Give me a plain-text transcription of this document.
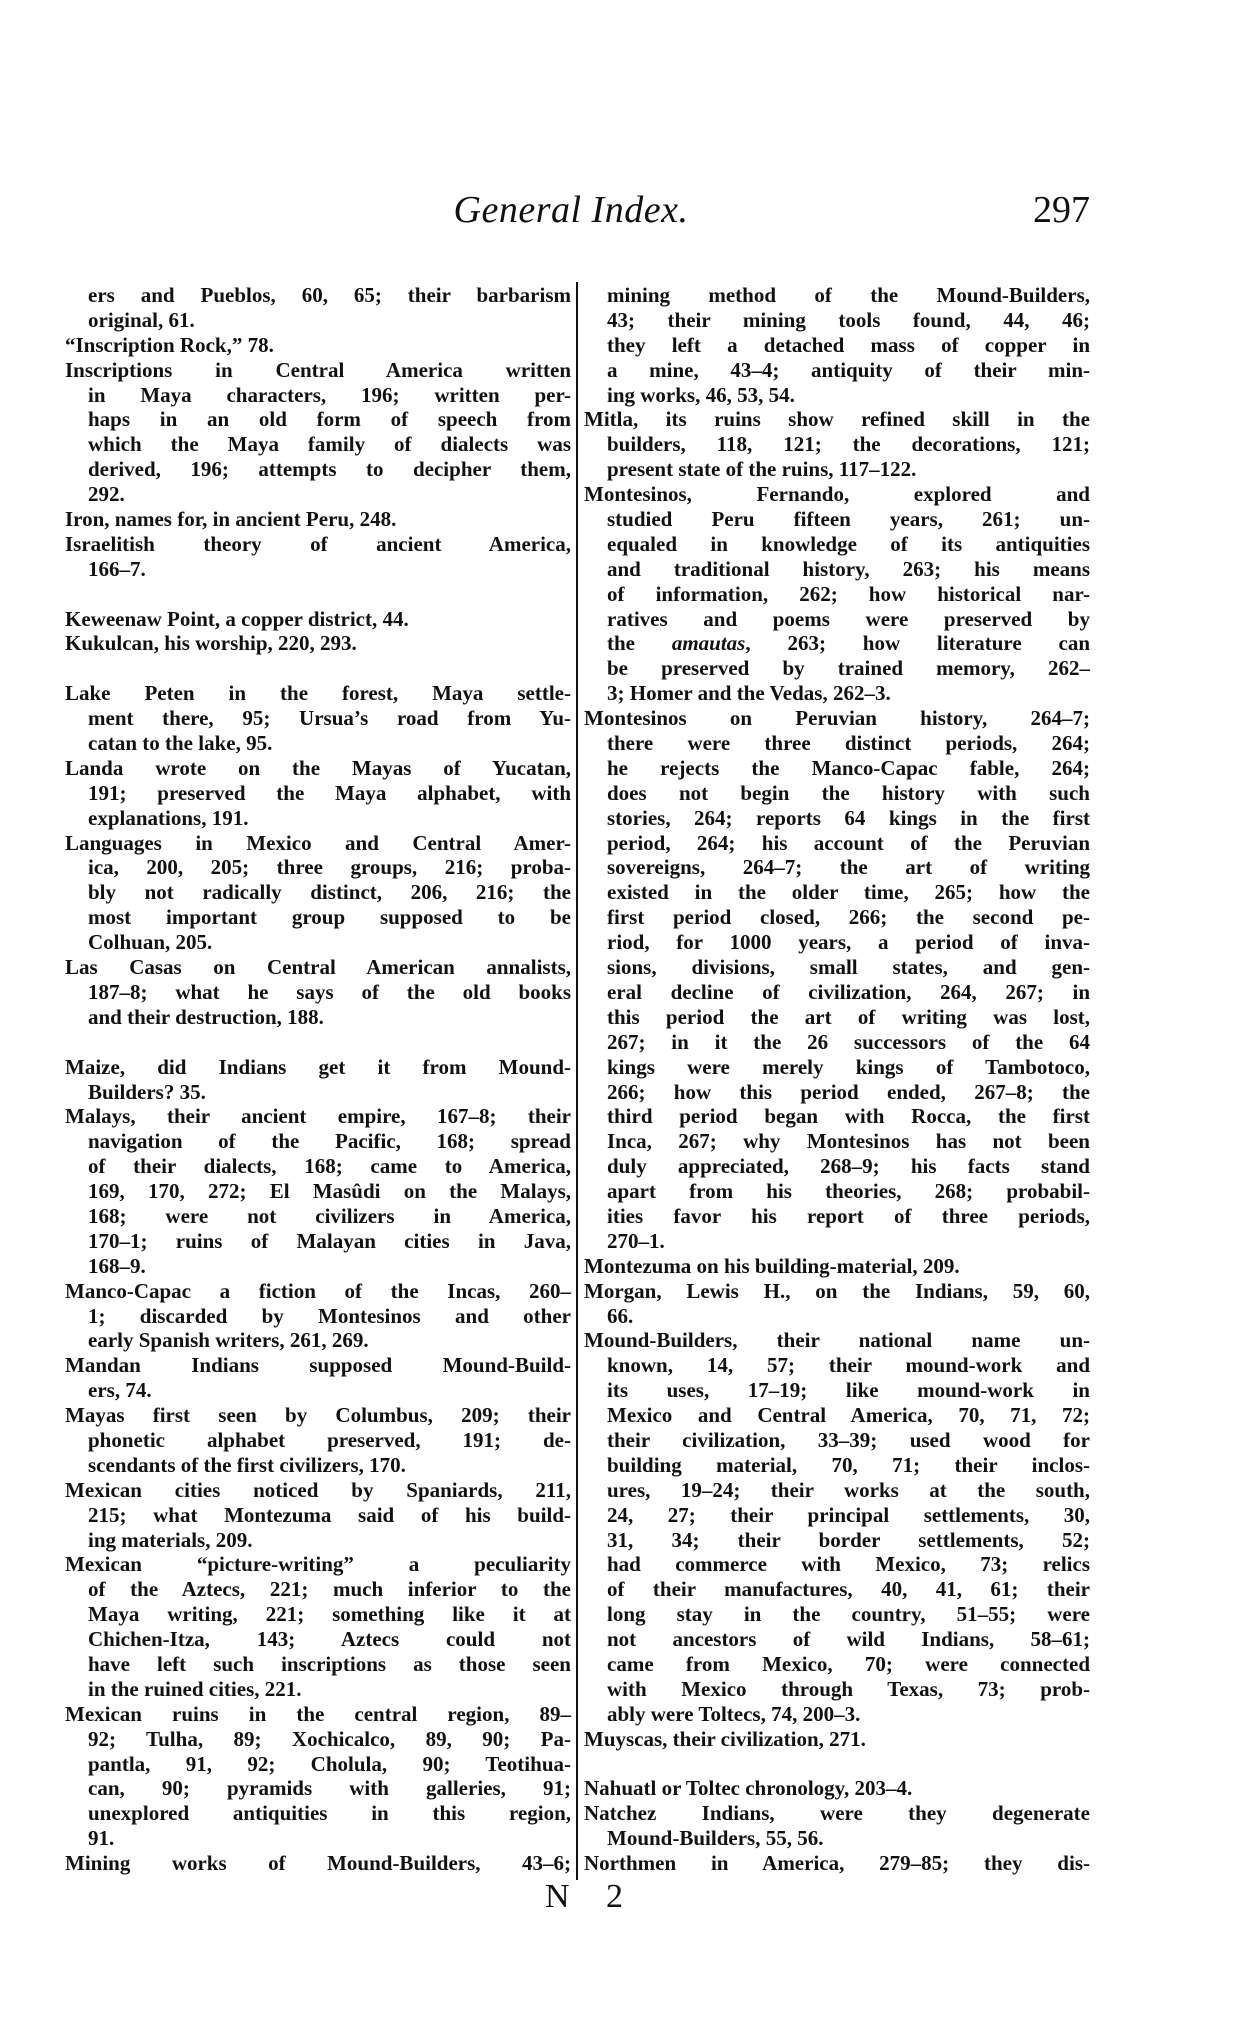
General Index.	297
ers and Pueblos, 60, 65; their barbarism
original, 61.
“Inscription Rock,” 78.
Inscriptions in Central America written
in Maya characters, 196; written per-
haps in an old form of speech from
which the Maya family of dialects was
derived, 196; attempts to decipher them,
292.
Iron, names for, in ancient Peru, 248.
Israelitish theory of ancient America,
166–7.
Keweenaw Point, a copper district, 44.
Kukulcan, his worship, 220, 293.
Lake Peten in the forest, Maya settle-
ment there, 95; Ursua’s road from Yu-
catan to the lake, 95.
Landa wrote on the Mayas of Yucatan,
191; preserved the Maya alphabet, with
explanations, 191.
Languages in Mexico and Central Amer-
ica, 200, 205; three groups, 216; proba-
bly not radically distinct, 206, 216; the
most important group supposed to be
Colhuan, 205.
Las Casas on Central American annalists,
187–8; what he says of the old books
and their destruction, 188.
Maize, did Indians get it from Mound-
Builders? 35.
Malays, their ancient empire, 167–8; their
navigation of the Pacific, 168; spread
of their dialects, 168; came to America,
169, 170, 272; El Masûdi on the Malays,
168; were not civilizers in America,
170–1; ruins of Malayan cities in Java,
168–9.
Manco-Capac a fiction of the Incas, 260–
1; discarded by Montesinos and other
early Spanish writers, 261, 269.
Mandan Indians supposed Mound-Build-
ers, 74.
Mayas first seen by Columbus, 209; their
phonetic alphabet preserved, 191; de-
scendants of the first civilizers, 170.
Mexican cities noticed by Spaniards, 211,
215; what Montezuma said of his build-
ing materials, 209.
Mexican “picture-writing” a peculiarity
of the Aztecs, 221; much inferior to the
Maya writing, 221; something like it at
Chichen-Itza, 143; Aztecs could not
have left such inscriptions as those seen
in the ruined cities, 221.
Mexican ruins in the central region, 89–
92; Tulha, 89; Xochicalco, 89, 90; Pa-
pantla, 91, 92; Cholula, 90; Teotihua-
can, 90; pyramids with galleries, 91;
unexplored antiquities in this region,
91.
Mining works of Mound-Builders, 43–6;
mining method of the Mound-Builders,
43; their mining tools found, 44, 46;
they left a detached mass of copper in
a mine, 43–4; antiquity of their min-
ing works, 46, 53, 54.
Mitla, its ruins show refined skill in the
builders, 118, 121; the decorations, 121;
present state of the ruins, 117–122.
Montesinos, Fernando, explored and
studied Peru fifteen years, 261; un-
equaled in knowledge of its antiquities
and traditional history, 263; his means
of information, 262; how historical nar-
ratives and poems were preserved by
the amautas, 263; how literature can
be preserved by trained memory, 262–
3; Homer and the Vedas, 262–3.
Montesinos on Peruvian history, 264–7;
there were three distinct periods, 264;
he rejects the Manco-Capac fable, 264;
does not begin the history with such
stories, 264; reports 64 kings in the first
period, 264; his account of the Peruvian
sovereigns, 264–7; the art of writing
existed in the older time, 265; how the
first period closed, 266; the second pe-
riod, for 1000 years, a period of inva-
sions, divisions, small states, and gen-
eral decline of civilization, 264, 267; in
this period the art of writing was lost,
267; in it the 26 successors of the 64
kings were merely kings of Tambotoco,
266; how this period ended, 267–8; the
third period began with Rocca, the first
Inca, 267; why Montesinos has not been
duly appreciated, 268–9; his facts stand
apart from his theories, 268; probabil-
ities favor his report of three periods,
270–1.
Montezuma on his building-material, 209.
Morgan, Lewis H., on the Indians, 59, 60,
66.
Mound-Builders, their national name un-
known, 14, 57; their mound-work and
its uses, 17–19; like mound-work in
Mexico and Central America, 70, 71, 72;
their civilization, 33–39; used wood for
building material, 70, 71; their inclos-
ures, 19–24; their works at the south,
24, 27; their principal settlements, 30,
31, 34; their border settlements, 52;
had commerce with Mexico, 73; relics
of their manufactures, 40, 41, 61; their
long stay in the country, 51–55; were
not ancestors of wild Indians, 58–61;
came from Mexico, 70; were connected
with Mexico through Texas, 73; prob-
ably were Toltecs, 74, 200–3.
Muyscas, their civilization, 271.
Nahuatl or Toltec chronology, 203–4.
Natchez Indians, were they degenerate
Mound-Builders, 55, 56.
Northmen in America, 279–85; they dis-
N 2
